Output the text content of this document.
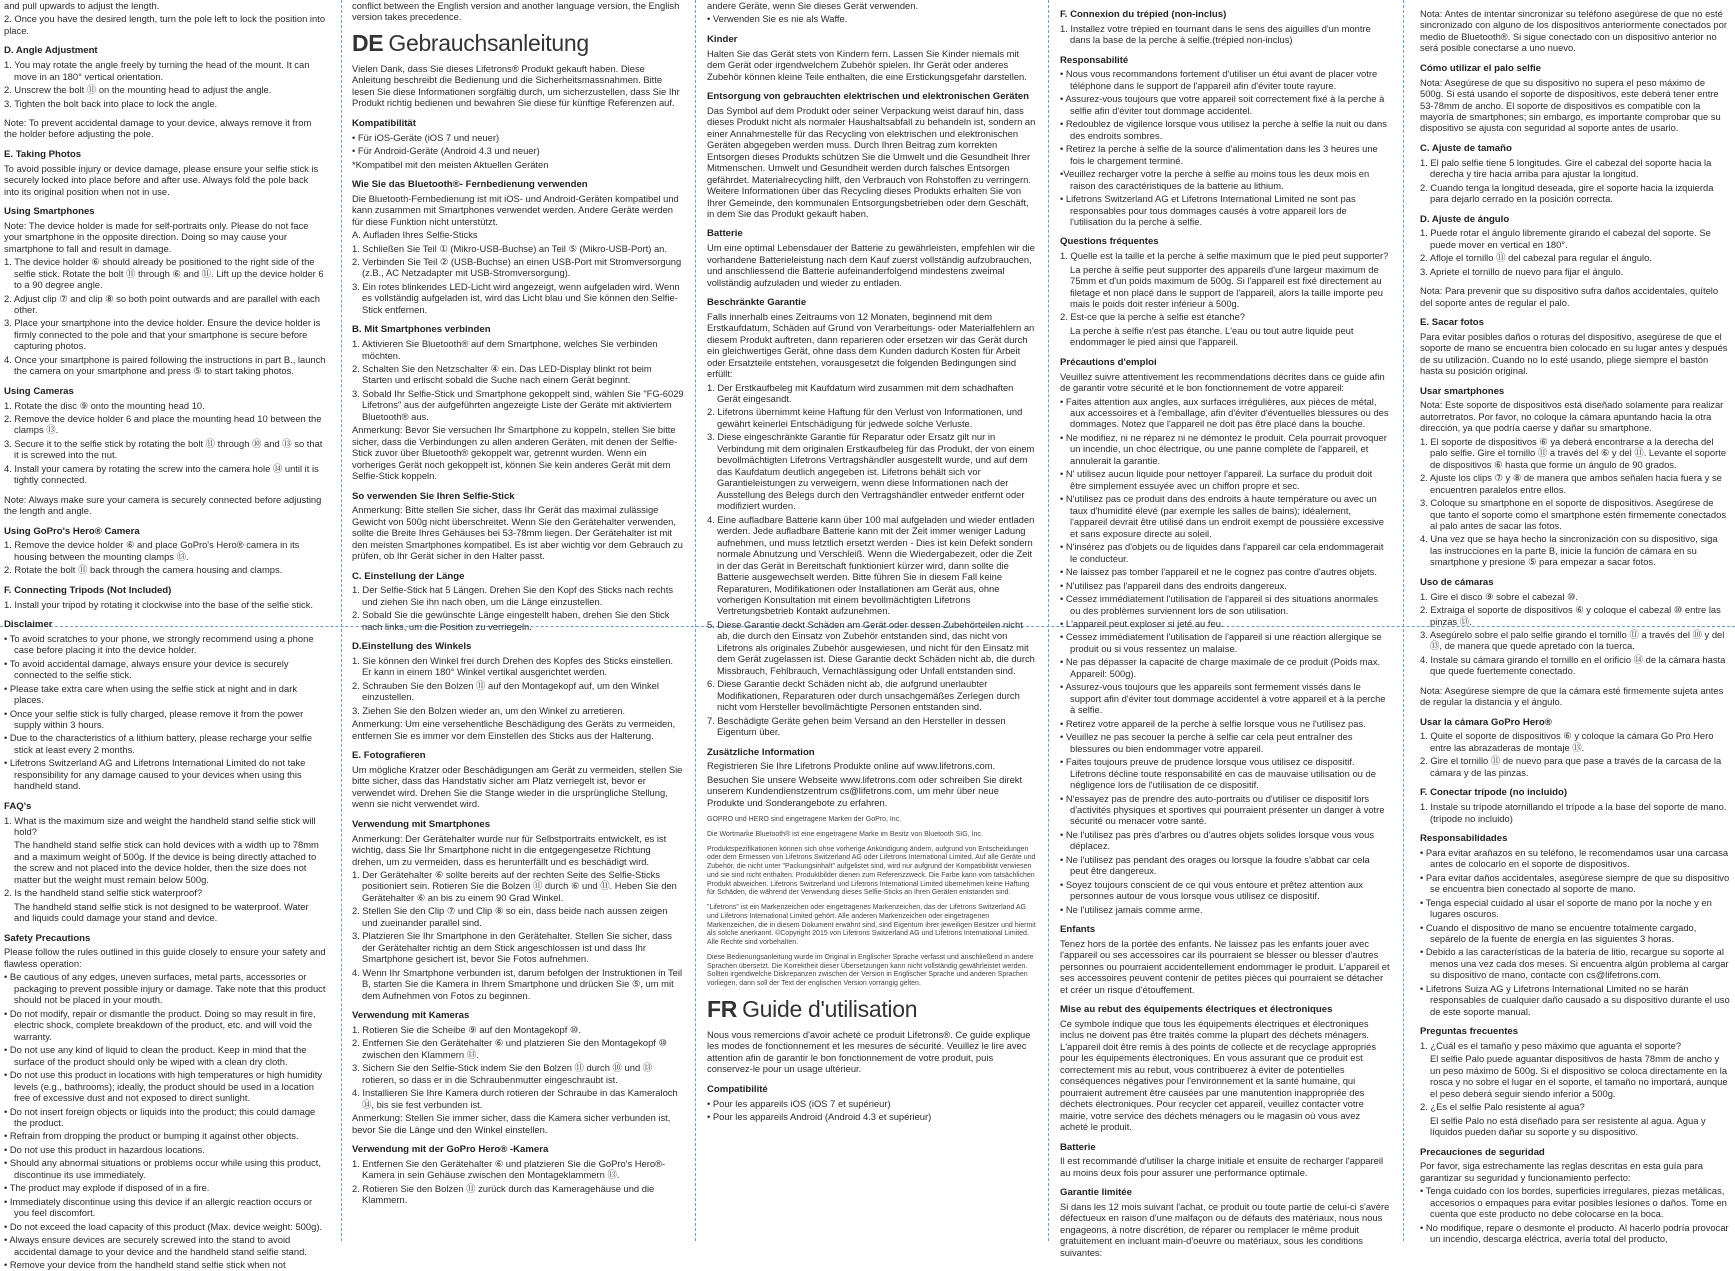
and pull upwards to adjust the length.

2. Once you have the desired length, turn the pole left to lock the position into place.

D. Angle Adjustment

1. You may rotate the angle freely by turning the head of the mount. It can move in an 180° vertical orientation.

2. Unscrew the bolt ⑪ on the mounting head to adjust the angle.

3. Tighten the bolt back into place to lock the angle.

Note: To prevent accidental damage to your device, always remove it from the holder before adjusting the pole.

E. Taking Photos

To avoid possible injury or device damage, please ensure your selfie stick is securely locked into place before and after use. Always fold the pole back into its original position when not in use.

Using Smartphones

Note: The device holder is made for self-portraits only. Please do not face your smartphone in the opposite direction. Doing so may cause your smartphone to fall and result in damage.

1. The device holder ⑥ should already be positioned to the right side of the selfie stick. Rotate the bolt ⑪ through ⑥ and ⑪. Lift up the device holder 6 to a 90 degree angle.

2. Adjust clip ⑦ and clip ⑧ so both point outwards and are parallel with each other.

3. Place your smartphone into the device holder. Ensure the device holder is firmly connected to the pole and that your smartphone is secure before capturing photos.

4. Once your smartphone is paired following the instructions in part B., launch the camera on your smartphone and press ⑤ to start taking photos.

Using Cameras

1. Rotate the disc ⑨ onto the mounting head 10.

2. Remove the device holder 6 and place the mounting head 10 between the clamps ⑬.

3. Secure it to the selfie stick by rotating the bolt ⑪ through ⑩ and ⑬ so that it is screwed into the nut.

4. Install your camera by rotating the screw into the camera hole ⑭ until it is tightly connected.

Note: Always make sure your camera is securely connected before adjusting the length and angle.

Using GoPro's Hero® Camera

1. Remove the device holder ⑥ and place GoPro's Hero® camera in its housing between the mounting clamps ⑬.

2. Rotate the bolt ⑪ back through the camera housing and clamps.

F. Connecting Tripods (Not Included)

1. Install your tripod by rotating it clockwise into the base of the selfie stick.

Disclaimer

• To avoid scratches to your phone, we strongly recommend using a phone case before placing it into the device holder.

• To avoid accidental damage, always ensure your device is securely connected to the selfie stick.

• Please take extra care when using the selfie stick at night and in dark places.

• Once your selfie stick is fully charged, please remove it from the power supply within 3 hours.

• Due to the characteristics of a lithium battery, please recharge your selfie stick at least every 2 months.

• Lifetrons Switzerland AG and Lifetrons International Limited do not take responsibility for any damage caused to your devices when using this handheld stand.

FAQ's

1. What is the maximum size and weight the handheld stand selfie stick will hold?

The handheld stand selfie stick can hold devices with a width up to 78mm and a maximum weight of 500g. If the device is being directly attached to the screw and not placed into the device holder, then the size does not matter but the weight must remain below 500g.

2. Is the handheld stand selfie stick waterproof?

The handheld stand selfie stick is not designed to be waterproof. Water and liquids could damage your stand and device.

Safety Precautions

Please follow the rules outlined in this guide closely to ensure your safety and flawless operation:

• Be cautious of any edges, uneven surfaces, metal parts, accessories or packaging to prevent possible injury or damage. Take note that this product should not be placed in your mouth.

• Do not modify, repair or dismantle the product. Doing so may result in fire, electric shock, complete breakdown of the product, etc. and will void the warranty.

• Do not use any kind of liquid to clean the product. Keep in mind that the surface of the product should only be wiped with a clean dry cloth.

• Do not use this product in locations with high temperatures or high humidity levels (e.g., bathrooms); ideally, the product should be used in a location free of excessive dust and not exposed to direct sunlight.

• Do not insert foreign objects or liquids into the product; this could damage the product.

• Refrain from dropping the product or bumping it against other objects.

• Do not use this product in hazardous locations.

• Should any abnormal situations or problems occur while using this product, discontinue its use immediately.

• The product may explode if disposed of in a fire.

• Immediately discontinue using this device if an allergic reaction occurs or you feel discomfort.

• Do not exceed the load capacity of this product (Max. device weight: 500g).

• Always ensure devices are securely screwed into the stand to avoid accidental damage to your device and the handheld stand selfie stand.

• Remove your device from the handheld stand selfie stick when not

conflict between the English version and another language version, the English version takes precedence.

DE Gebrauchsanleitung

Vielen Dank, dass Sie dieses Lifetrons® Produkt gekauft haben. Diese Anleitung beschreibt die Bedienung und die Sicherheitsmassnahmen. Bitte lesen Sie diese Informationen sorgfältig durch, um sicherzustellen, dass Sie Ihr Produkt richtig bedienen und bewahren Sie diese für künftige Referenzen auf.

Kompatibilität

• Für iOS-Geräte (iOS 7 und neuer)

• Für Android-Geräte (Android 4.3 und neuer)

*Kompatibel mit den meisten Aktuellen Geräten

Wie Sie das Bluetooth®- Fernbedienung verwenden

Die Bluetooth-Fernbedienung ist mit iOS- und Android-Geräten kompatibel und kann zusammen mit Smartphones verwendet werden. Andere Geräte werden für diese Funktion nicht unterstützt.

A. Aufladen Ihres Selfie-Sticks

1. Schließen Sie Teil ① (Mikro-USB-Buchse) an Teil ⑤ (Mikro-USB-Port) an.

2. Verbinden Sie Teil ② (USB-Buchse) an einen USB-Port mit Stromversorgung (z.B., AC Netzadapter mit USB-Stromversorgung).

3. Ein rotes blinkendes LED-Licht wird angezeigt, wenn aufgeladen wird. Wenn es vollständig aufgeladen ist, wird das Licht blau und Sie können den Selfie-Stick entfernen.

B. Mit Smartphones verbinden

1. Aktivieren Sie Bluetooth® auf dem Smartphone, welches Sie verbinden möchten.

2. Schalten Sie den Netzschalter ④ ein. Das LED-Display blinkt rot beim Starten und erlischt sobald die Suche nach einem Gerät beginnt.

3. Sobald Ihr Selfie-Stick und Smartphone gekoppelt sind, wählen Sie "FG-6029 Lifetrons" aus der aufgeführten angezeigte Liste der Geräte mit aktiviertem Bluetooth® aus.

Anmerkung: Bevor Sie versuchen Ihr Smartphone zu koppeln, stellen Sie bitte sicher, dass die Verbindungen zu allen anderen Geräten, mit denen der Selfie-Stick zuvor über Bluetooth® gekoppelt war, getrennt wurden. Wenn ein vorheriges Gerät noch gekoppelt ist, können Sie kein anderes Gerät mit dem Selfie-Stick koppeln.

So verwenden Sie Ihren Selfie-Stick

Anmerkung: Bitte stellen Sie sicher, dass Ihr Gerät das maximal zulässige Gewicht von 500g nicht überschreitet. Wenn Sie den Gerätehalter verwenden, sollte die Breite Ihres Gehäuses bei 53-78mm liegen. Der Gerätehalter ist mit den meisten Smartphones kompatibel. Es ist aber wichtig vor dem Gebrauch zu prüfen, ob Ihr Gerät sicher in den Halter passt.

C. Einstellung der Länge

1. Der Selfie-Stick hat 5 Längen. Drehen Sie den Kopf des Sticks nach rechts und ziehen Sie ihn nach oben, um die Länge einzustellen.

2. Sobald Sie die gewünschte Länge eingestellt haben, drehen Sie den Stick nach links, um die Position zu verriegeln.

D.Einstellung des Winkels

1. Sie können den Winkel frei durch Drehen des Kopfes des Sticks einstellen. Er kann in einem 180° Winkel vertikal ausgerichtet werden.

2. Schrauben Sie den Bolzen ⑪ auf den Montagekopf auf, um den Winkel einzustellen.

3. Ziehen Sie den Bolzen wieder an, um den Winkel zu arretieren.

Anmerkung: Um eine versehentliche Beschädigung des Geräts zu vermeiden, entfernen Sie es immer vor dem Einstellen des Sticks aus der Halterung.

E. Fotografieren

Um mögliche Kratzer oder Beschädigungen am Gerät zu vermeiden, stellen Sie bitte sicher, dass das Handstativ sicher am Platz verriegelt ist, bevor er verwendet wird. Drehen Sie die Stange wieder in die ursprüngliche Stellung, wenn sie nicht verwendet wird.

Verwendung mit Smartphones

Anmerkung: Der Gerätehalter wurde nur für Selbstportraits entwickelt, es ist wichtig, dass Sie Ihr Smartphone nicht in die entgegengesetze Richtung drehen, um zu vermeiden, dass es herunterfällt und es beschädigt wird.

1. Der Gerätehalter ⑥ sollte bereits auf der rechten Seite des Selfie-Sticks positioniert sein. Rotieren Sie die Bolzen ⑪ durch ⑥ und ⑪. Heben Sie den Gerätehalter ⑥ an bis zu einem 90 Grad Winkel.

2. Stellen Sie den Clip ⑦ und Clip ⑧ so ein, dass beide nach aussen zeigen und zueinander parallel sind.

3. Platzieren Sie Ihr Smartphone in den Gerätehalter. Stellen Sie sicher, dass der Gerätehalter richtig an dem Stick angeschlossen ist und dass Ihr Smartphone gesichert ist, bevor Sie Fotos aufnehmen.

4. Wenn Ihr Smartphone verbunden ist, darum befolgen der Instruktionen in Teil B, starten Sie die Kamera in Ihrem Smartphone und drücken Sie ⑤, um mit dem Aufnehmen von Fotos zu beginnen.

Verwendung mit Kameras

1. Rotieren Sie die Scheibe ⑨ auf den Montagekopf ⑩.

2. Entfernen Sie den Gerätehalter ⑥ und platzieren Sie den Montagekopf ⑩ zwischen den Klammern ⑬.

3. Sichern Sie den Selfie-Stick indem Sie den Bolzen ⑪ durch ⑩ und ⑬ rotieren, so dass er in die Schraubenmutter eingeschraubt ist.

4. Installieren Sie Ihre Kamera durch rotieren der Schraube in das Kameraloch ⑭, bis sie fest verbunden ist.

Anmerkung: Stellen Sie immer sicher, dass die Kamera sicher verbunden ist, bevor Sie die Länge und den Winkel einstellen.

Verwendung mit der GoPro Hero® -Kamera

1. Entfernen Sie den Gerätehalter ⑥ und platzieren Sie die GoPro's Hero®-Kamera in sein Gehäuse zwischen den Montageklammern ⑬.

2. Rotieren Sie den Bolzen ⑪ zurück durch das Kameragehäuse und die Klammern.

andere Geräte, wenn Sie dieses Gerät verwenden.

• Verwenden Sie es nie als Waffe.

Kinder

Halten Sie das Gerät stets von Kindern fern. Lassen Sie Kinder niemals mit dem Gerät oder irgendwelchem Zubehör spielen. Ihr Gerät oder anderes Zubehör können kleine Teile enthalten, die eine Erstickungsgefahr darstellen.

Entsorgung von gebrauchten elektrischen und elektronischen Geräten

Das Symbol auf dem Produkt oder seiner Verpackung weist darauf hin, dass dieses Produkt nicht als normaler Haushaltsabfall zu behandeln ist, sondern an einer Annahmestelle für das Recycling von elektrischen und elektronischen Geräten abgegeben werden muss. Durch Ihren Beitrag zum korrekten Entsorgen dieses Produkts schützen Sie die Umwelt und die Gesundheit Ihrer Mitmenschen. Umwelt und Gesundheit werden durch falsches Entsorgen gefährdet. Materialrecycling hilft, den Verbrauch von Rohstoffen zu verringern. Weitere Informationen über das Recycling dieses Produkts erhalten Sie von Ihrer Gemeinde, den kommunalen Entsorgungsbetrieben oder dem Geschäft, in dem Sie das Produkt gekauft haben.

Batterie

Um eine optimal Lebensdauer der Batterie zu gewährleisten, empfehlen wir die vorhandene Batterieleistung nach dem Kauf zuerst vollständig aufzubrauchen, und anschliessend die Batterie aufeinanderfolgend mindestens zweimal vollständig aufzuladen und wieder zu entladen.

Beschränkte Garantie

Falls innerhalb eines Zeitraums von 12 Monaten, beginnend mit dem Erstkaufdatum, Schäden auf Grund von Verarbeitungs- oder Materialfehlern an diesem Produkt auftreten, dann reparieren oder ersetzen wir das Gerät durch ein gleichwertiges Gerät, ohne dass dem Kunden dadurch Kosten für Arbeit oder Ersatzteile entstehen, vorausgesetzt die folgenden Bedingungen sind erfüllt:

1. Der Erstkaufbeleg mit Kaufdatum wird zusammen mit dem schadhaften Gerät eingesandt.

2. Lifetrons übernimmt keine Haftung für den Verlust von Informationen, und gewährt keinerlei Entschädigung für jedwede solche Verluste.

3. Diese eingeschränkte Garantie für Reparatur oder Ersatz gilt nur in Verbindung mit dem originalen Erstkaufbeleg für das Produkt, der von einem bevollmächtigten Lifetrons Vertragshändler ausgestellt wurde, und auf dem das Kaufdatum deutlich angegeben ist. Lifetrons behält sich vor Garantieleistungen zu verweigern, wenn diese Informationen nach der Ausstellung des Belegs durch den Vertragshändler entweder entfernt oder modifiziert wurden.

4. Eine aufladbare Batterie kann über 100 mal aufgeladen und wieder entladen werden. Jede aufladbare Batterie kann mit der Zeit immer weniger Ladung aufnehmen, und muss letztlich ersetzt werden - Dies ist kein Defekt sondern normale Abnutzung und Verschleiß. Wenn die Wiedergabezeit, oder die Zeit in der das Gerät in Bereitschaft funktioniert kürzer wird, dann sollte die Batterie ausgewechselt werden. Bitte führen Sie in diesem Fall keine Reparaturen, Modifikationen oder Installationen am Gerät aus, ohne vorherigen Konsultation mit einem bevollmächtigten Lifetrons Vertretungsbetrieb Kontakt aufzunehmen.

5. Diese Garantie deckt Schäden am Gerät oder dessen Zubehörteilen nicht ab, die durch den Einsatz von Zubehör entstanden sind, das nicht von Lifetrons als originales Zubehör ausgewiesen, und nicht für den Einsatz mit dem Gerät zugelassen ist. Diese Garantie deckt Schäden nicht ab, die durch Missbrauch, Fehlbrauch, Vernachlässigung oder Unfall entstanden sind.

6. Diese Garantie deckt Schäden nicht ab, die aufgrund unerlaubter Modifikationen, Reparaturen oder durch unsachgemäßes Zerlegen durch nicht vom Hersteller bevollmächtigte Personen entstanden sind.

7. Beschädigte Geräte gehen beim Versand an den Hersteller in dessen Eigentum über.

Zusätzliche Information

Registrieren Sie Ihre Lifetrons Produkte online auf www.lifetrons.com.

Besuchen Sie unsere Webseite www.lifetrons.com oder schreiben Sie direkt unserem Kundendienstzentrum cs@lifetrons.com, um mehr über neue Produkte und Sonderangebote zu erfahren.

GOPRO und HERO sind eingetragene Marken der GoPro, Inc.

Die Wortmarke Bluetooth® ist eine eingetragene Marke im Besitz von Bluetooth SIG, Inc.

Produktspezifikationen können sich ohne vorherige Ankündigung ändern, aufgrund von Entscheidungen oder dem Ermessen von Lifetrons Switzerland AG oder Lifetrons International Limited. Auf alle Geräte und Zubehör, die nicht unter "Packungsinhalt" aufgelistet sind, wird nur aufgrund der Kompatibilität verwiesen und sie sind nicht enthalten. Produktbilder dienen zum Referenzzweck. Die Farbe kann vom tatsächlichen Produkt abweichen. Lifetrons Switzerland und Lifetrons International Limited übernehmen keine Haftung für Schäden, die während der Verwendung dieses Selfie-Sticks an Ihren Geräten entstanden sind.

"Lifetrons" ist ein Markenzeichen oder eingetragenes Markenzeichen, das der Lifetrons Switzerland AG und Lifetrons International Limited gehört. Alle anderen Markenzeichen oder eingetragenen Markenzeichen, die in diesem Dokument erwähnt sind, sind Eigentum ihrer jeweiligen Besitzer und hiermit als solche anerkannt. ©Copyright 2015 von Lifetrons Switzerland AG und Lifetrons International Limited. Alle Rechte sind vorbehalten.

Diese Bedienungsanleitung wurde im Original in Englischer Sprache verfasst und anschließend in andere Sprachen übersetzt. Die Korrektheit dieser Übersetzungen kann nicht vollständig gewährleistet werden. Sollten irgendwelche Diskrepanzen zwischen der Version in Englischer Sprache und anderen Sprachen vorliegen, dann soll der Text der englischen Version vorrangig gelten.

FR Guide d'utilisation

Nous vous remercions d'avoir acheté ce produit Lifetrons®. Ce guide explique les modes de fonctionnement et les mesures de sécurité. Veuillez le lire avec attention afin de garantir le bon fonctionnement de votre produit, puis conservez-le pour un usage ultérieur.

Compatibilité

• Pour les appareils iOS (iOS 7 et supérieur)

• Pour les appareils Android (Android 4.3 et supérieur)

F. Connexion du trépied (non-inclus)

1. Installez votre trépied en tournant dans le sens des aiguilles d'un montre dans la base de la perche à selfie.(trépied non-inclus)

Responsabilité

• Nous vous recommandons fortement d'utiliser un étui avant de placer votre téléphone dans le support de l'appareil afin d'éviter toute rayure.

• Assurez-vous toujours que votre appareil soit correctement fixé à la perche à selfie afin d'éviter tout dommage accidentel.

• Redoublez de vigilence lorsque vous utilisez la perche à selfie la nuit ou dans des endroits sombres.

• Retirez la perche à selfie de la source d'alimentation dans les 3 heures une fois le chargement terminé.

•Veuillez recharger votre la perche à selfie au moins tous les deux mois en raison des caractéristiques de la batterie au lithium.

• Lifetrons Switzerland AG et Lifetrons International Limited ne sont pas responsables pour tous dommages causés à votre appareil lors de l'utilisation du la perche à selfie.

Questions fréquentes

1. Quelle est la taille et la perche à selfie maximum que le pied peut supporter?

La perche à selfie peut supporter des appareils d'une largeur maximum de 75mm et d'un poids maximum de 500g. Si l'appareil est fixé directement au filetage et non placé dans le support de l'appareil, alors la taille importe peu mais le poids doit rester inférieur à 500g.

2. Est-ce que la perche à selfie est étanche?

La perche à selfie n'est pas étanche. L'eau ou tout autre liquide peut endommager le pied ainsi que l'appareil.

Précautions d'emploi

Veuillez suivre attentivement les recommendations décrites dans ce guide afin de garantir votre sécurité et le bon fonctionnement de votre appareil:

• Faites attention aux angles, aux surfaces irrégulières, aux pièces de métal, aux accessoires et à l'emballage, afin d'éviter d'éventuelles blessures ou des dommages. Notez que l'appareil ne doit pas être placé dans la bouche.

• Ne modifiez, ni ne réparez ni ne démontez le produit. Cela pourrait provoquer un incendie, un choc électrique, ou une panne complète de l'appareil, et annulerait la garantie.

• N' utilisez aucun liquide pour nettoyer l'appareil. La surface du produit doit être simplement essuyée avec un chiffon propre et sec.

• N'utilisez pas ce produit dans des endroits à haute température ou avec un taux d'humidité élevé (par exemple les salles de bains); idéalement, l'appareil devrait être utilisé dans un endroit exempt de poussière excessive et sans exposure directe au soleil.

• N'insérez pas d'objets ou de liquides dans l'appareil car cela endommagerait le conducteur.

• Ne laissez pas tomber l'appareil et ne le cognez pas contre d'autres objets.

• N'utilisez pas l'appareil dans des endroits dangereux.

• Cessez immédiatement l'utilisation de l'appareil si des situations anormales ou des problèmes surviennent lors de son utilisation.

• L'appareil peut exploser si jeté au feu.

• Cessez immédiatement l'utilisation de l'appareil si une réaction allergique se produit ou si vous ressentez un malaise.

• Ne pas dépasser la capacité de charge maximale de ce produit (Poids max. Appareil: 500g).

• Assurez-vous toujours que les appareils sont fermement vissés dans le support afin d'éviter tout dommage accidentel à votre appareil et à la perche à selfie.

• Retirez votre appareil de la perche à selfie lorsque vous ne l'utilisez pas.

• Veuillez ne pas secouer la perche à selfie car cela peut entraîner des blessures ou bien endommager votre appareil.

• Faites toujours preuve de prudence lorsque vous utilisez ce dispositif. Lifetrons décline toute responsabilité en cas de mauvaise utilisation ou de négligence lors de l'utilisation de ce dispositif.

• N'essayez pas de prendre des auto-portraits ou d'utiliser ce dispositif lors d'activités physiques et sportives qui pourraient présenter un danger à votre sécurité ou menacer votre santé.

• Ne l'utilisez pas près d'arbres ou d'autres objets solides lorsque vous vous déplacez.

• Ne l'utilisez pas pendant des orages ou lorsque la foudre s'abbat car cela peut être dangereux.

• Soyez toujours conscient de ce qui vous entoure et prêtez attention aux personnes autour de vous lorsque vous utilisez ce dispositif.

• Ne l'utilisez jamais comme arme.

Enfants

Tenez hors de la portée des enfants. Ne laissez pas les enfants jouer avec l'appareil ou ses accessoires car ils pourraient se blesser ou blesser d'autres personnes ou pourraient accidentellement endommager le produit. L'appareil et ses accessoires peuvent contenir de petites pièces qui pourraient se détacher et créer un risque d'étouffement.

Mise au rebut des équipements électriques et électroniques

Ce symbole indique que tous les équipements électriques et électroniques inclus ne doivent pas être traités comme la plupart des déchets ménagers. L'appareil doit être remis à des points de collecte et de recyclage appropriés pour les équipements électroniques. En vous assurant que ce produit est correctement mis au rebut, vous contribuerez à éviter de potentielles conséquences négatives pour l'environnement et la santé humaine, qui pourraient autrement être causées par une manutention inappropriée des déchets électroniques. Pour recycler cet appareil, veuillez contacter votre mairie, votre service des déchets ménagers ou le magasin où vous avez acheté le produit.

Batterie

Il est recommandé d'utiliser la charge initiale et ensuite de recharger l'appareil au moins deux fois pour assurer une performance optimale.

Garantie limitée

Si dans les 12 mois suivant l'achat, ce produit ou toute partie de celui-ci s'avère défectueux en raison d'une malfaçon ou de défauts des matériaux, nous nous engageons, à notre discrétion, de réparer ou remplacer le même produit gratuitement en incluant main-d'oeuvre ou matériaux, sous les conditions suivantes:

Nota: Antes de intentar sincronizar su teléfono asegúrese de que no esté sincronizado con alguno de los dispositivos anteriormente conectados por medio de Bluetooth®. Si sigue conectado con un dispositivo anterior no será posible conectarse a uno nuevo.

Cómo utilizar el palo selfie

Nota: Asegúrese de que su dispositivo no supera el peso máximo de 500g. Si está usando el soporte de dispositivos, este deberá tener entre 53-78mm de ancho. El soporte de dispositivos es compatible con la mayoría de smartphones; sin embargo, es importante comprobar que su dispositivo se ajusta con seguridad al soporte antes de usarlo.

C. Ajuste de tamaño

1. El palo selfie tiene 5 longitudes. Gire el cabezal del soporte hacia la derecha y tire hacia arriba para ajustar la longitud.

2. Cuando tenga la longitud deseada, gire el soporte hacia la izquierda para dejarlo cerrado en la posición correcta.

D. Ajuste de ángulo

1. Puede rotar el ángulo libremente girando el cabezal del soporte. Se puede mover en vertical en 180°.

2. Afloje el tornillo ⑪ del cabezal para regular el ángulo.

3. Apriete el tornillo de nuevo para fijar el ángulo.

Nota: Para prevenir que su dispositivo sufra daños accidentales, quítelo del soporte antes de regular el palo.

E. Sacar fotos

Para evitar posibles daños o roturas del dispositivo, asegúrese de que el soporte de mano se encuentra bien colocado en su lugar antes y después de su utilización. Cuando no lo esté usando, pliege siempre el bastón hasta su posición original.

Usar smartphones

Nota: Este soporte de dispositivos está diseñado solamente para realizar autorretratos. Por favor, no coloque la cámara apuntando hacia la otra dirección, ya que podría caerse y dañar su smartphone.

1. El soporte de dispositivos ⑥ ya deberá encontrarse a la derecha del palo selfie. Gire el tornillo ⑪ a través del ⑥ y del ⑪. Levante el soporte de dispositivos ⑥ hasta que forme un ángulo de 90 grados.

2. Ajuste los clips ⑦ y ⑧ de manera que ambos señalen hacia fuera y se encuentren paralelos entre ellos.

3. Coloque su smartphone en el soporte de dispositivos. Asegúrese de que tanto el soporte como el smartphone estén firmemente conectados al palo antes de sacar las fotos.

4. Una vez que se haya hecho la sincronización con su dispositivo, siga las instrucciones en la parte B, inicie la función de cámara en su smartphone y presione ⑤ para empezar a sacar fotos.

Uso de cámaras

1. Gire el disco ⑨ sobre el cabezal ⑩.

2. Extraiga el soporte de dispositivos ⑥ y coloque el cabezal ⑩ entre las pinzas ⑬.

3. Asegúrelo sobre el palo selfie girando el tornillo ⑪ a través del ⑩ y del ⑬, de manera que quede apretado con la tuerca.

4. Instale su cámara girando el tornillo en el orificio ⑭ de la cámara hasta que quede fuertemente conectado.

Nota: Asegúrese siempre de que la cámara esté firmemente sujeta antes de regular la distancia y el ángulo.

Usar la cámara GoPro Hero®

1. Quite el soporte de dispositivos ⑥ y coloque la cámara Go Pro Hero entre las abrazaderas de montaje ⑬.

2. Gire el tornillo ⑪ de nuevo para que pase a través de la carcasa de la cámara y de las pinzas.

F. Conectar trípode (no incluido)

1. Instale su trípode atornillando el trípode a la base del soporte de mano.(trípode no incluido)

Responsabilidades

• Para evitar arañazos en su teléfono, le recomendamos usar una carcasa antes de colocarlo en el soporte de dispositivos.

• Para evitar daños accidentales, asegúrese siempre de que su dispositivo se encuentra bien conectado al soporte de mano.

• Tenga especial cuidado al usar el soporte de mano por la noche y en lugares oscuros.

• Cuando el dispositivo de mano se encuentre totalmente cargado, sepárelo de la fuente de energía en las siguientes 3 horas.

• Debido a las características de la batería de litio, recargue su soporte al menos una vez cada dos meses. Si encuentra algún problema al cargar su dispositivo de mano, contacte con cs@lifetrons.com.

• Lifetrons Suiza AG y Lifetrons International Limited no se harán responsables de cualquier daño causado a su dispositivo durante el uso de este soporte manual.

Preguntas frecuentes

1. ¿Cuál es el tamaño y peso máximo que aguanta el soporte?

El selfie Palo puede aguantar dispositivos de hasta 78mm de ancho y un peso máximo de 500g. Si el dispositivo se coloca directamente en la rosca y no sobre el lugar en el soporte, el tamaño no importará, aunque el peso deberá seguir siendo inferior a 500g.

2. ¿Es el selfie Palo resistente al agua?

El selfie Palo no está diseñado para ser resistente al agua. Agua y líquidos pueden dañar su soporte y su dispositivo.

Precauciones de seguridad

Por favor, siga estrechamente las reglas descritas en esta guía para garantizar su seguridad y funcionamiento perfecto:

• Tenga cuidado con los bordes, superficies irregulares, piezas metálicas, accesorios o empaques para evitar posibles lesiones o daños. Tome en cuenta que este producto no debe colocarse en la boca.

• No modifique, repare o desmonte el producto. Al hacerlo podría provocar un incendio, descarga eléctrica, avería total del producto,
